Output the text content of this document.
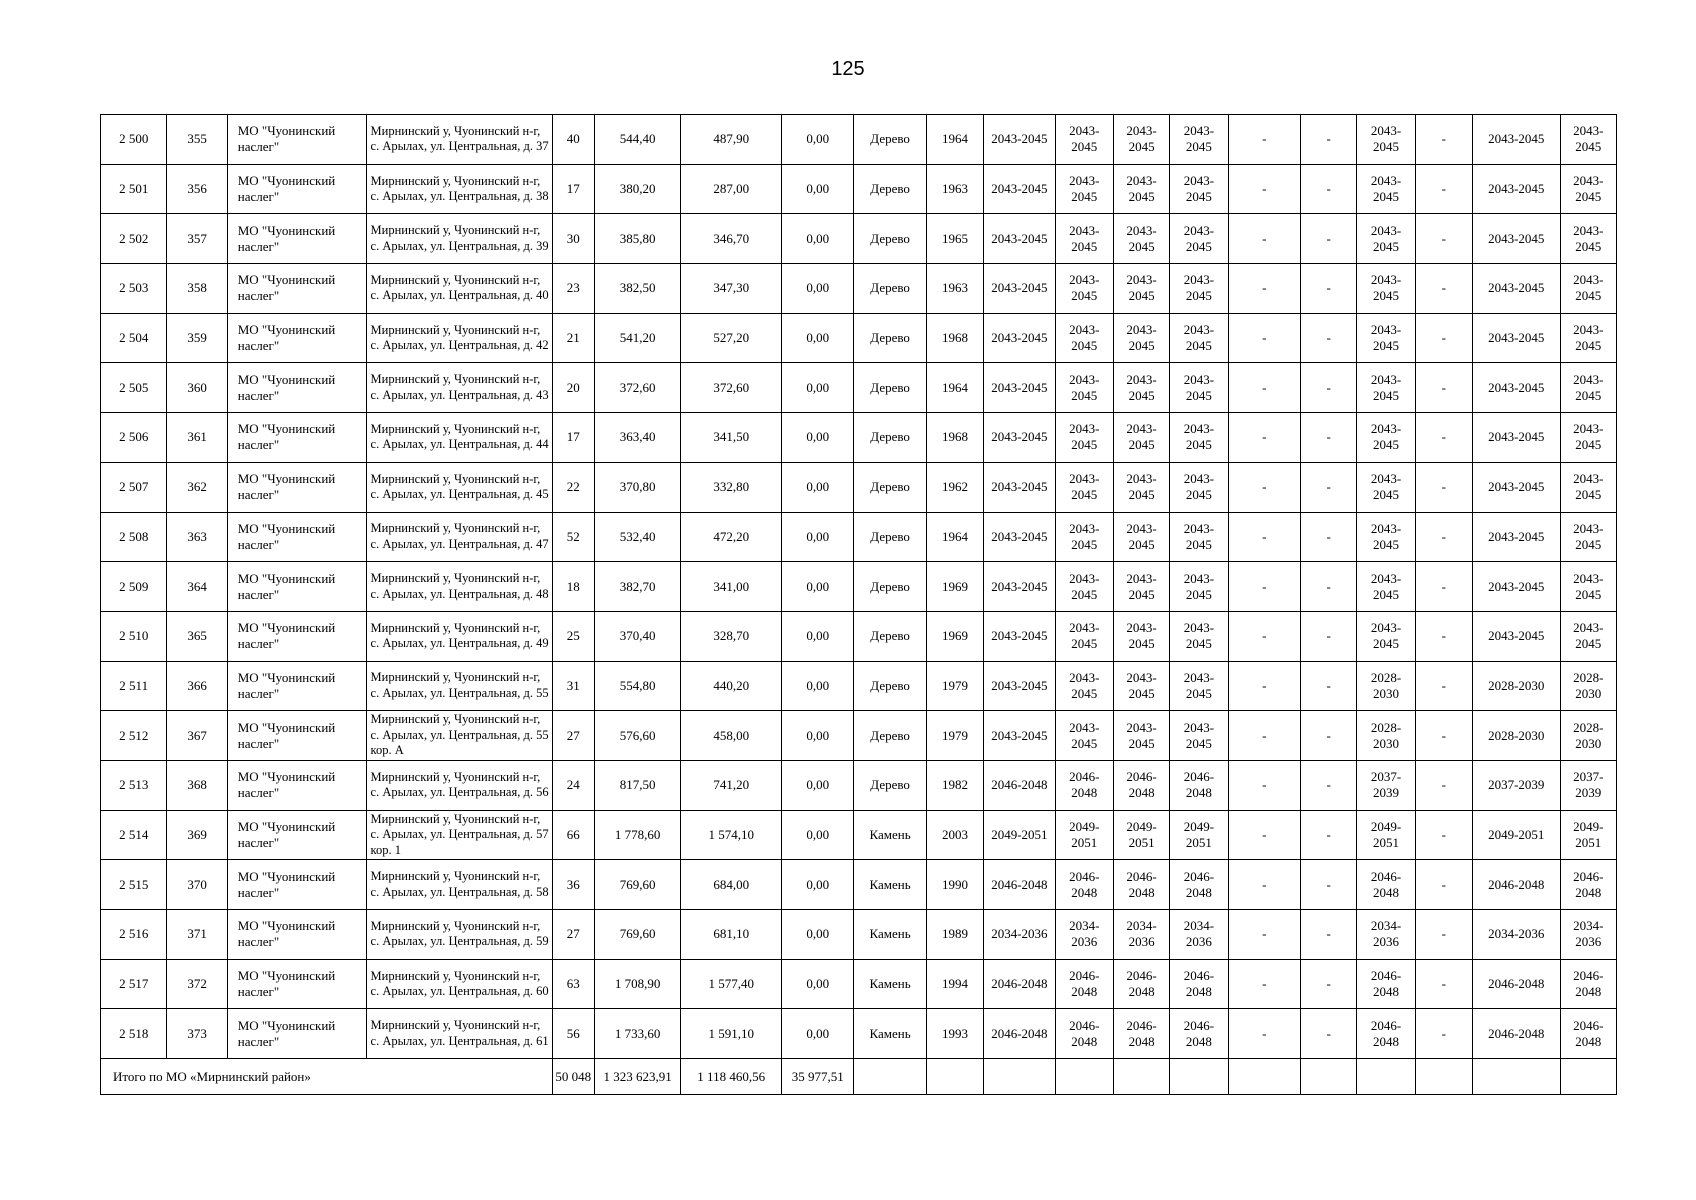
125
2 500	355	МО "Чуонинский наслег"	Мирнинский у, Чуонинский н-г, с. Арылах, ул. Центральная, д. 37	40	544,40	487,90	0,00	Дерево	1964	2043-2045	2043-2045	2043-2045	2043-2045	-	-	2043-2045	-	2043-2045	2043-2045
2 501	356	МО "Чуонинский наслег"	Мирнинский у, Чуонинский н-г, с. Арылах, ул. Центральная, д. 38	17	380,20	287,00	0,00	Дерево	1963	2043-2045	2043-2045	2043-2045	2043-2045	-	-	2043-2045	-	2043-2045	2043-2045
2 502	357	МО "Чуонинский наслег"	Мирнинский у, Чуонинский н-г, с. Арылах, ул. Центральная, д. 39	30	385,80	346,70	0,00	Дерево	1965	2043-2045	2043-2045	2043-2045	2043-2045	-	-	2043-2045	-	2043-2045	2043-2045
2 503	358	МО "Чуонинский наслег"	Мирнинский у, Чуонинский н-г, с. Арылах, ул. Центральная, д. 40	23	382,50	347,30	0,00	Дерево	1963	2043-2045	2043-2045	2043-2045	2043-2045	-	-	2043-2045	-	2043-2045	2043-2045
2 504	359	МО "Чуонинский наслег"	Мирнинский у, Чуонинский н-г, с. Арылах, ул. Центральная, д. 42	21	541,20	527,20	0,00	Дерево	1968	2043-2045	2043-2045	2043-2045	2043-2045	-	-	2043-2045	-	2043-2045	2043-2045
2 505	360	МО "Чуонинский наслег"	Мирнинский у, Чуонинский н-г, с. Арылах, ул. Центральная, д. 43	20	372,60	372,60	0,00	Дерево	1964	2043-2045	2043-2045	2043-2045	2043-2045	-	-	2043-2045	-	2043-2045	2043-2045
2 506	361	МО "Чуонинский наслег"	Мирнинский у, Чуонинский н-г, с. Арылах, ул. Центральная, д. 44	17	363,40	341,50	0,00	Дерево	1968	2043-2045	2043-2045	2043-2045	2043-2045	-	-	2043-2045	-	2043-2045	2043-2045
2 507	362	МО "Чуонинский наслег"	Мирнинский у, Чуонинский н-г, с. Арылах, ул. Центральная, д. 45	22	370,80	332,80	0,00	Дерево	1962	2043-2045	2043-2045	2043-2045	2043-2045	-	-	2043-2045	-	2043-2045	2043-2045
2 508	363	МО "Чуонинский наслег"	Мирнинский у, Чуонинский н-г, с. Арылах, ул. Центральная, д. 47	52	532,40	472,20	0,00	Дерево	1964	2043-2045	2043-2045	2043-2045	2043-2045	-	-	2043-2045	-	2043-2045	2043-2045
2 509	364	МО "Чуонинский наслег"	Мирнинский у, Чуонинский н-г, с. Арылах, ул. Центральная, д. 48	18	382,70	341,00	0,00	Дерево	1969	2043-2045	2043-2045	2043-2045	2043-2045	-	-	2043-2045	-	2043-2045	2043-2045
2 510	365	МО "Чуонинский наслег"	Мирнинский у, Чуонинский н-г, с. Арылах, ул. Центральная, д. 49	25	370,40	328,70	0,00	Дерево	1969	2043-2045	2043-2045	2043-2045	2043-2045	-	-	2043-2045	-	2043-2045	2043-2045
2 511	366	МО "Чуонинский наслег"	Мирнинский у, Чуонинский н-г, с. Арылах, ул. Центральная, д. 55	31	554,80	440,20	0,00	Дерево	1979	2043-2045	2043-2045	2043-2045	2043-2045	-	-	2028-2030	-	2028-2030	2028-2030
2 512	367	МО "Чуонинский наслег"	Мирнинский у, Чуонинский н-г, с. Арылах, ул. Центральная, д. 55 кор. А	27	576,60	458,00	0,00	Дерево	1979	2043-2045	2043-2045	2043-2045	2043-2045	-	-	2028-2030	-	2028-2030	2028-2030
2 513	368	МО "Чуонинский наслег"	Мирнинский у, Чуонинский н-г, с. Арылах, ул. Центральная, д. 56	24	817,50	741,20	0,00	Дерево	1982	2046-2048	2046-2048	2046-2048	2046-2048	-	-	2037-2039	-	2037-2039	2037-2039
2 514	369	МО "Чуонинский наслег"	Мирнинский у, Чуонинский н-г, с. Арылах, ул. Центральная, д. 57 кор. 1	66	1 778,60	1 574,10	0,00	Камень	2003	2049-2051	2049-2051	2049-2051	2049-2051	-	-	2049-2051	-	2049-2051	2049-2051
2 515	370	МО "Чуонинский наслег"	Мирнинский у, Чуонинский н-г, с. Арылах, ул. Центральная, д. 58	36	769,60	684,00	0,00	Камень	1990	2046-2048	2046-2048	2046-2048	2046-2048	-	-	2046-2048	-	2046-2048	2046-2048
2 516	371	МО "Чуонинский наслег"	Мирнинский у, Чуонинский н-г, с. Арылах, ул. Центральная, д. 59	27	769,60	681,10	0,00	Камень	1989	2034-2036	2034-2036	2034-2036	2034-2036	-	-	2034-2036	-	2034-2036	2034-2036
2 517	372	МО "Чуонинский наслег"	Мирнинский у, Чуонинский н-г, с. Арылах, ул. Центральная, д. 60	63	1 708,90	1 577,40	0,00	Камень	1994	2046-2048	2046-2048	2046-2048	2046-2048	-	-	2046-2048	-	2046-2048	2046-2048
2 518	373	МО "Чуонинский наслег"	Мирнинский у, Чуонинский н-г, с. Арылах, ул. Центральная, д. 61	56	1 733,60	1 591,10	0,00	Камень	1993	2046-2048	2046-2048	2046-2048	2046-2048	-	-	2046-2048	-	2046-2048	2046-2048
Итого по МО «Мирнинский район»				50 048	1 323 623,91	1 118 460,56	35 977,51												
